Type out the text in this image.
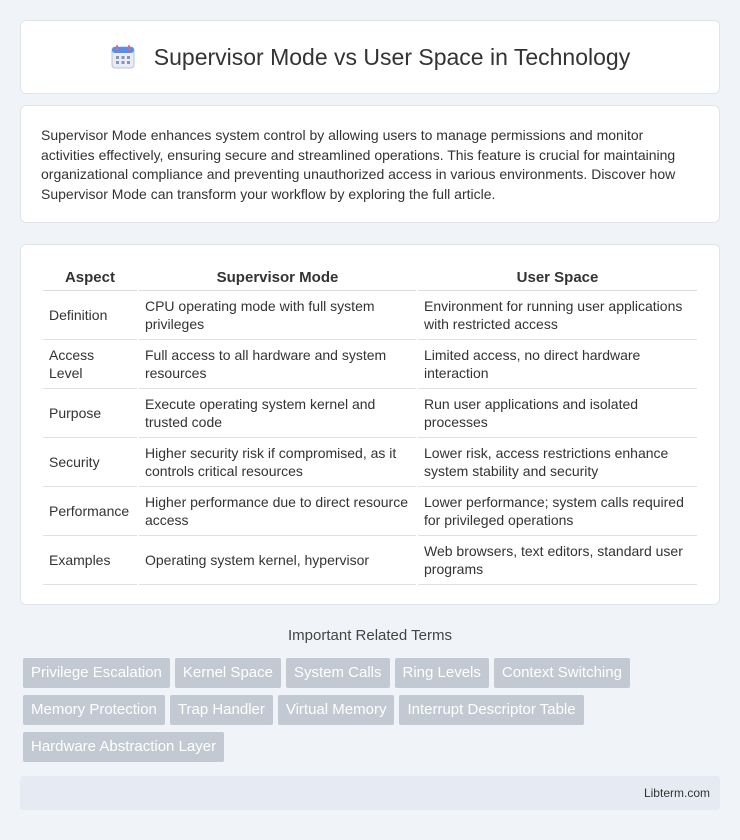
Supervisor Mode vs User Space in Technology

Supervisor Mode enhances system control by allowing users to manage permissions and monitor activities effectively, ensuring secure and streamlined operations. This feature is crucial for maintaining organizational compliance and preventing unauthorized access in various environments. Discover how Supervisor Mode can transform your workflow by exploring the full article.

Aspect	Supervisor Mode	User Space
Definition	CPU operating mode with full system privileges	Environment for running user applications with restricted access
Access Level	Full access to all hardware and system resources	Limited access, no direct hardware interaction
Purpose	Execute operating system kernel and trusted code	Run user applications and isolated processes
Security	Higher security risk if compromised, as it controls critical resources	Lower risk, access restrictions enhance system stability and security
Performance	Higher performance due to direct resource access	Lower performance; system calls required for privileged operations
Examples	Operating system kernel, hypervisor	Web browsers, text editors, standard user programs
Important Related Terms
Privilege Escalation	Kernel Space	System Calls	Ring Levels	Context Switching
Memory Protection	Trap Handler	Virtual Memory	Interrupt Descriptor Table
Hardware Abstraction Layer
Libterm.com
